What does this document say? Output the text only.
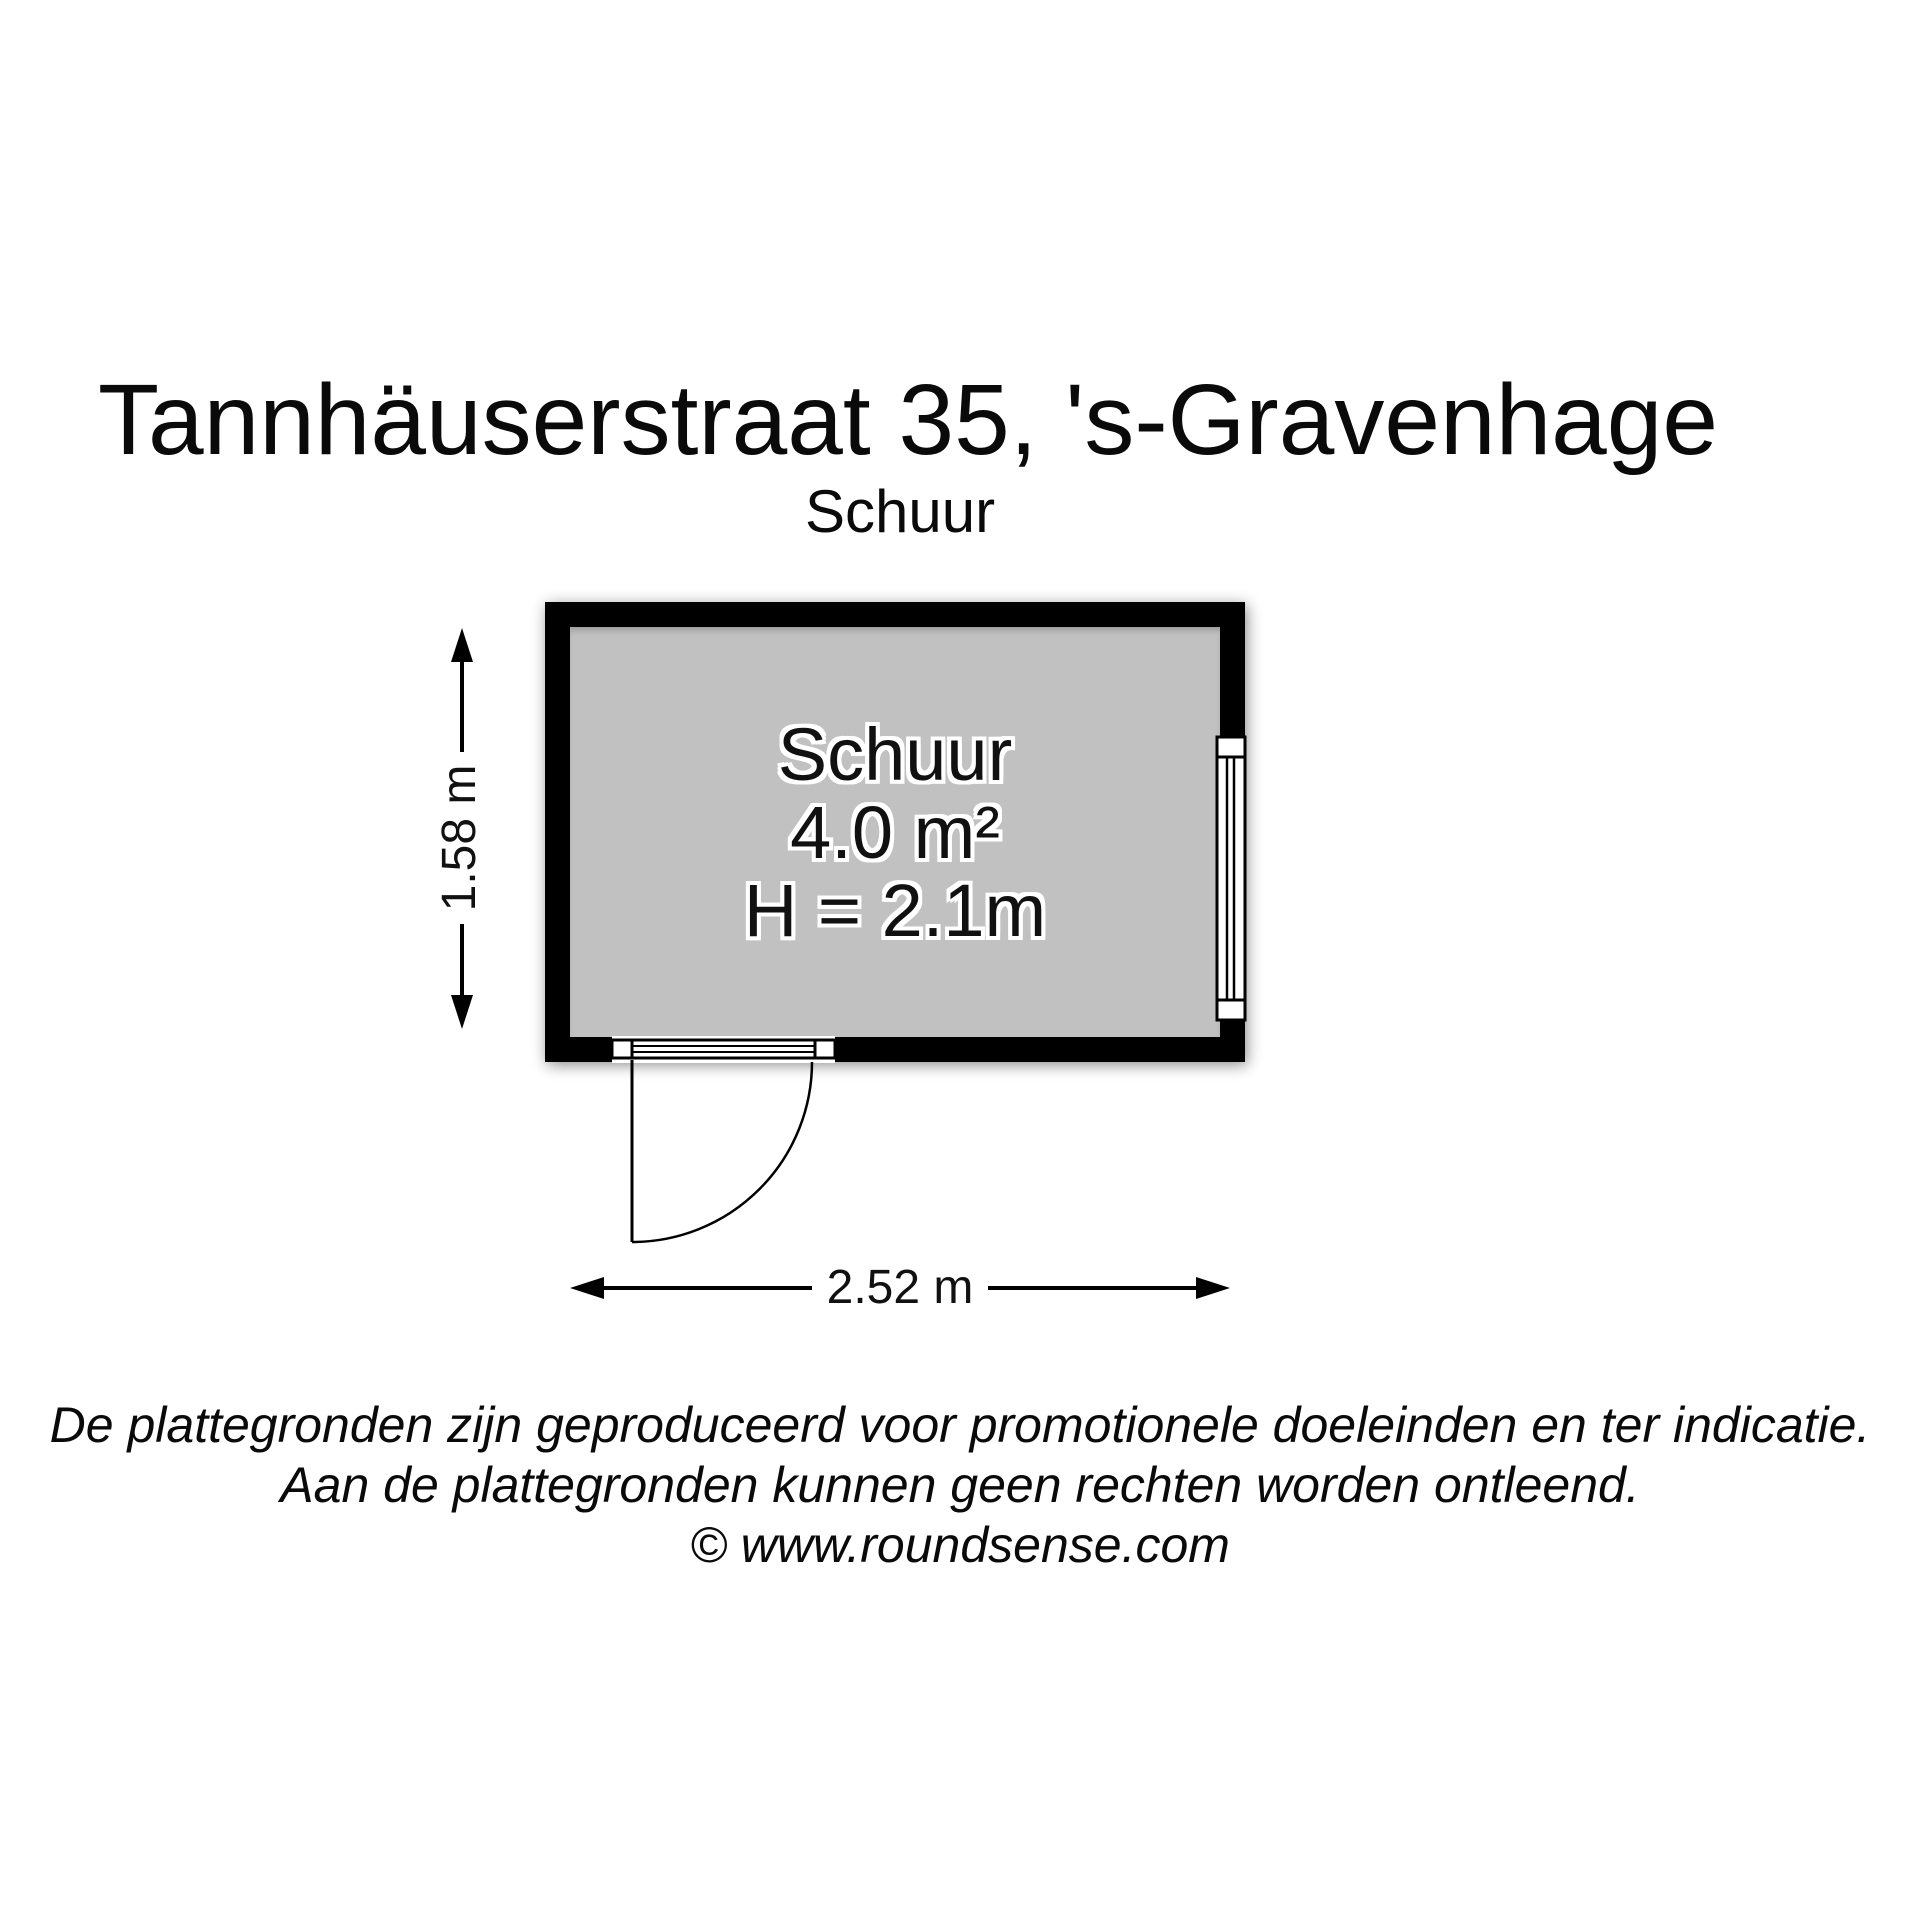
Tannhäuserstraat 35, 's-Gravenhage
Schuur
Schuur
4.0 m²
H = 2.1m
1.58 m
2.52 m
De plattegronden zijn geproduceerd voor promotionele doeleinden en ter indicatie.
Aan de plattegronden kunnen geen rechten worden ontleend.
© www.roundsense.com
